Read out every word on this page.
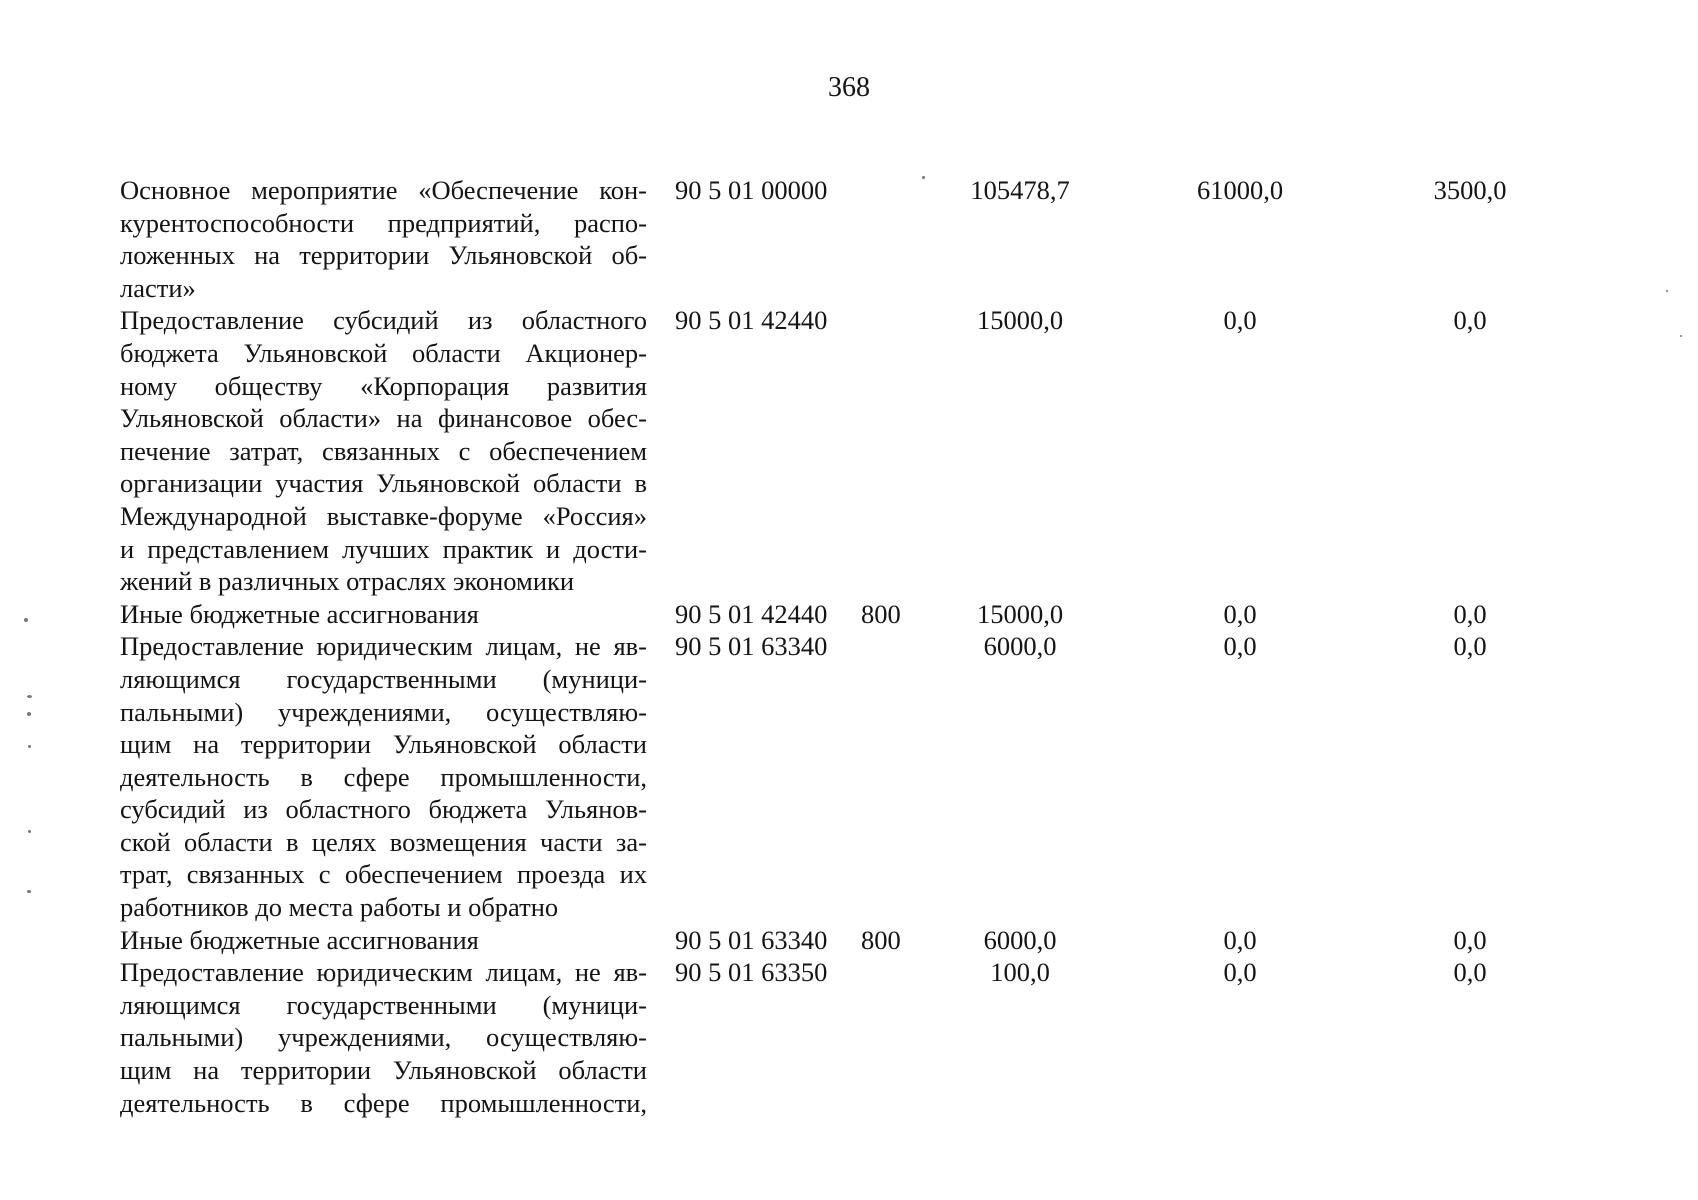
368
Основное мероприятие «Обеспечение кон-
курентоспособности предприятий, распо-
ложенных на территории Ульяновской об-
ласти»
90 5 01 00000	105478,7	61000,0	3500,0
Предоставление субсидий из областного
бюджета Ульяновской области Акционер-
ному обществу «Корпорация развития
Ульяновской области» на финансовое обес-
печение затрат, связанных с обеспечением
организации участия Ульяновской области в
Международной выставке-форуме «Россия»
и представлением лучших практик и дости-
жений в различных отраслях экономики
90 5 01 42440	15000,0	0,0	0,0
Иные бюджетные ассигнования	90 5 01 42440 800	15000,0	0,0	0,0
Предоставление юридическим лицам, не яв-
ляющимся государственными (муници-
пальными) учреждениями, осуществляю-
щим на территории Ульяновской области
деятельность в сфере промышленности,
субсидий из областного бюджета Ульянов-
ской области в целях возмещения части за-
трат, связанных с обеспечением проезда их
работников до места работы и обратно
90 5 01 63340	6000,0	0,0	0,0
Иные бюджетные ассигнования	90 5 01 63340 800	6000,0	0,0	0,0
Предоставление юридическим лицам, не яв-
ляющимся государственными (муници-
пальными) учреждениями, осуществляю-
щим на территории Ульяновской области
деятельность в сфере промышленности,
90 5 01 63350	100,0	0,0	0,0
